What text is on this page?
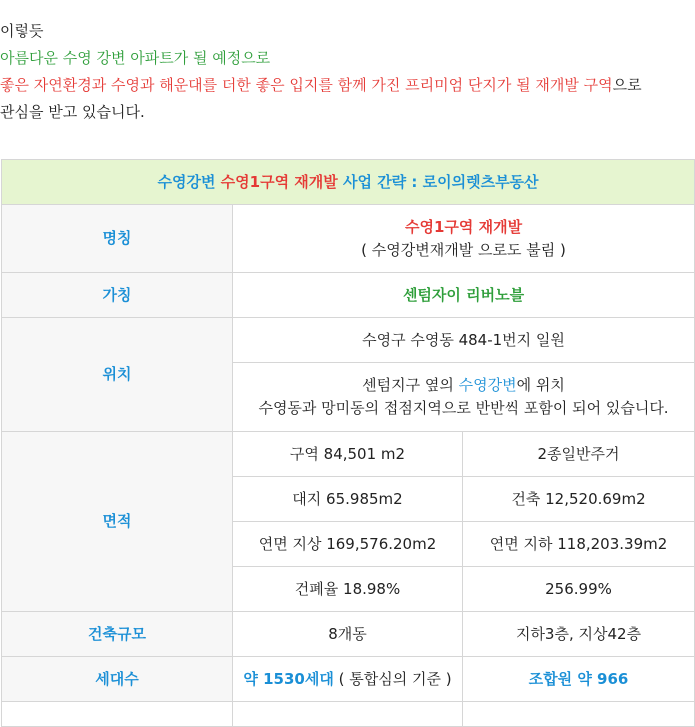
이렇듯
아름다운 수영 강변 아파트가 될 예정으로
좋은 자연환경과 수영과 해운대를 더한 좋은 입지를 함께 가진 프리미엄 단지가 될 재개발 구역으로
관심을 받고 있습니다.
수영강변 수영1구역 재개발 사업 간략 : 로이의렛츠부동산		
명칭	수영1구역 재개발
( 수영강변재개발 으로도 불림 )	

가칭	센텀자이 리버노블	
위치	수영구 수영동 484-1번지 일원	

	센텀지구 옆의 수영강변에 위치
수영동과 망미동의 접점지역으로 반반씩 포함이 되어 있습니다.	

면적	구역 84,501 m2	2종일반주거
	대지 65.985m2	건축 12,520.69m2
	연면 지상 169,576.20m2	연면 지하 118,203.39m2
	건폐율 18.98%	256.99%
건축규모	8개동	지하3층, 지상42층
세대수	약 1530세대 ( 통합심의 기준 )	조합원 약 966
